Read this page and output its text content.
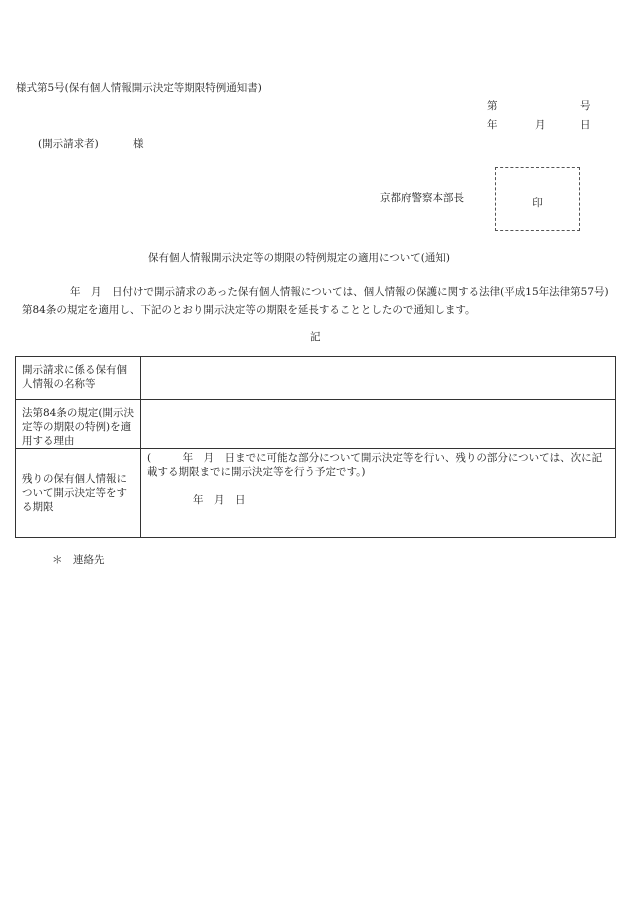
様式第5号(保有個人情報開示決定等期限特例通知書)
第	号
年	月	日
(開示請求者)	様
京都府警察本部長	印
保有個人情報開示決定等の期限の特例規定の適用について(通知)
年　月　日付けで開示請求のあった保有個人情報については、個人情報の保護に関する法律(平成15年法律第57号)第84条の規定を適用し、下記のとおり開示決定等の期限を延長することとしたので通知します。
記
開示請求に係る保有個人情報の名称等	
法第84条の規定(開示決定等の期限の特例)を適用する理由	
残りの保有個人情報について開示決定等をする期限	(　　　年　月　日までに可能な部分について開示決定等を行い、残りの部分については、次に記載する期限までに開示決定等を行う予定です。)
年　月　日
＊ 連絡先
